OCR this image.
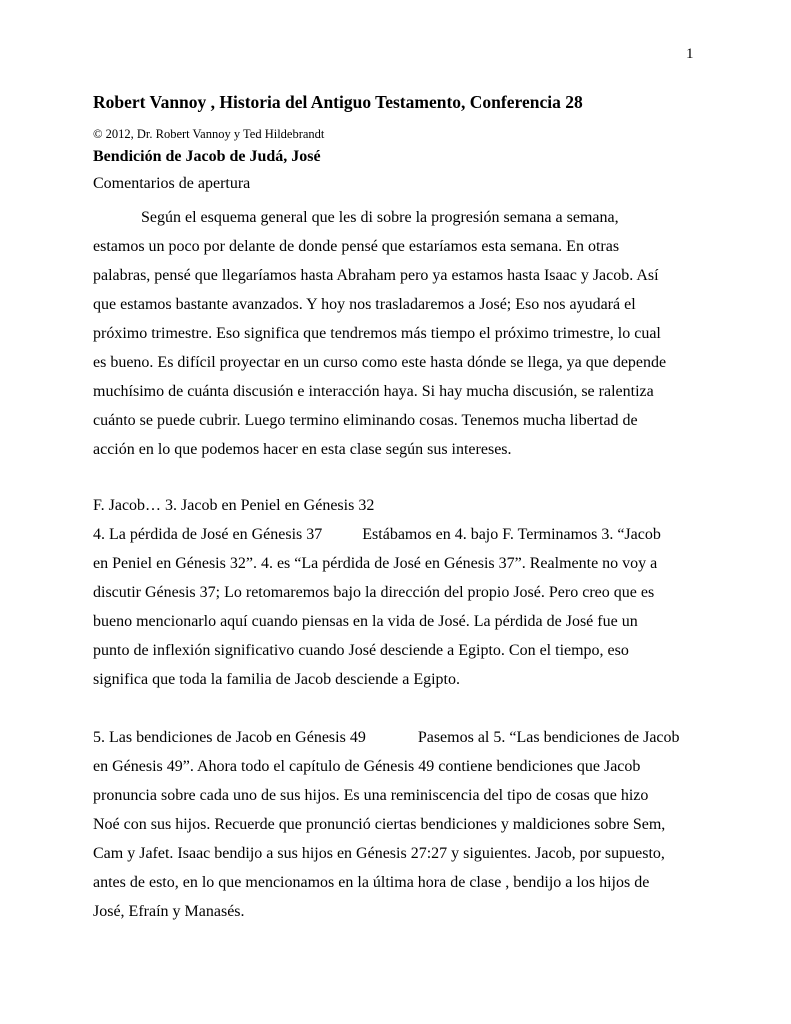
1
Robert Vannoy , Historia del Antiguo Testamento, Conferencia 28
© 2012, Dr. Robert Vannoy y Ted Hildebrandt
Bendición de Jacob de Judá, José
Comentarios de apertura
Según el esquema general que les di sobre la progresión semana a semana,
estamos un poco por delante de donde pensé que estaríamos esta semana. En otras
palabras, pensé que llegaríamos hasta Abraham pero ya estamos hasta Isaac y Jacob. Así
que estamos bastante avanzados. Y hoy nos trasladaremos a José; Eso nos ayudará el
próximo trimestre. Eso significa que tendremos más tiempo el próximo trimestre, lo cual
es bueno. Es difícil proyectar en un curso como este hasta dónde se llega, ya que depende
muchísimo de cuánta discusión e interacción haya. Si hay mucha discusión, se ralentiza
cuánto se puede cubrir. Luego termino eliminando cosas. Tenemos mucha libertad de
acción en lo que podemos hacer en esta clase según sus intereses.
F. Jacob… 3. Jacob en Peniel en Génesis 32
4. La pérdida de José en Génesis 37	Estábamos en 4. bajo F. Terminamos 3. “Jacob
en Peniel en Génesis 32”. 4. es “La pérdida de José en Génesis 37”. Realmente no voy a
discutir Génesis 37; Lo retomaremos bajo la dirección del propio José. Pero creo que es
bueno mencionarlo aquí cuando piensas en la vida de José. La pérdida de José fue un
punto de inflexión significativo cuando José desciende a Egipto. Con el tiempo, eso
significa que toda la familia de Jacob desciende a Egipto.
5. Las bendiciones de Jacob en Génesis 49	Pasemos al 5. “Las bendiciones de Jacob
en Génesis 49”. Ahora todo el capítulo de Génesis 49 contiene bendiciones que Jacob
pronuncia sobre cada uno de sus hijos. Es una reminiscencia del tipo de cosas que hizo
Noé con sus hijos. Recuerde que pronunció ciertas bendiciones y maldiciones sobre Sem,
Cam y Jafet. Isaac bendijo a sus hijos en Génesis 27:27 y siguientes. Jacob, por supuesto,
antes de esto, en lo que mencionamos en la última hora de clase , bendijo a los hijos de
José, Efraín y Manasés.
